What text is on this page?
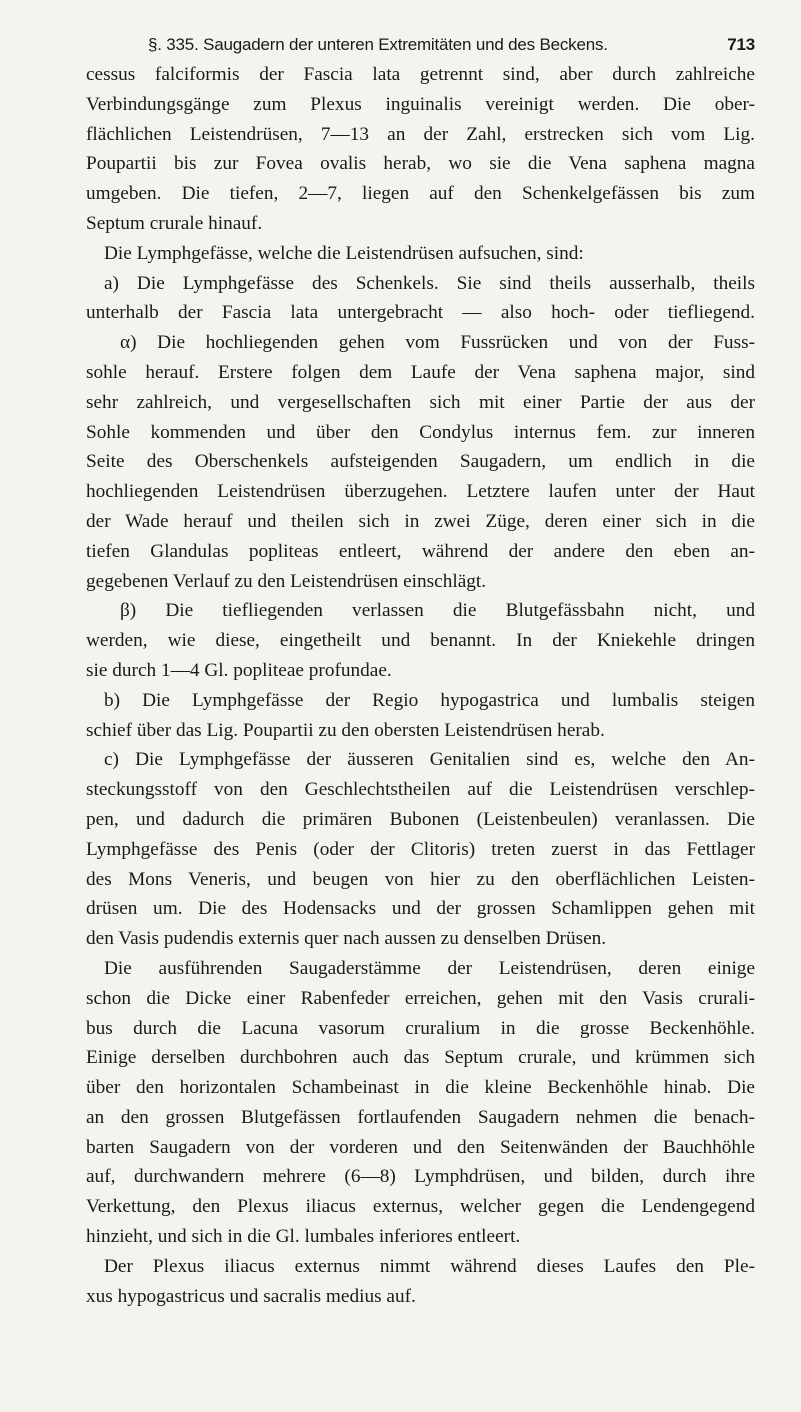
§. 335. Saugadern der unteren Extremitäten und des Beckens.	713
cessus falciformis der Fascia lata getrennt sind, aber durch zahlreiche
Verbindungsgänge zum Plexus inguinalis vereinigt werden. Die ober-
flächlichen Leistendrüsen, 7—13 an der Zahl, erstrecken sich vom Lig.
Poupartii bis zur Fovea ovalis herab, wo sie die Vena saphena magna
umgeben. Die tiefen, 2—7, liegen auf den Schenkelgefässen bis zum
Septum crurale hinauf.
Die Lymphgefässe, welche die Leistendrüsen aufsuchen, sind:
a) Die Lymphgefässe des Schenkels. Sie sind theils ausserhalb, theils
unterhalb der Fascia lata untergebracht — also hoch- oder tiefliegend.
α) Die hochliegenden gehen vom Fussrücken und von der Fuss-
sohle herauf. Erstere folgen dem Laufe der Vena saphena major, sind
sehr zahlreich, und vergesellschaften sich mit einer Partie der aus der
Sohle kommenden und über den Condylus internus fem. zur inneren
Seite des Oberschenkels aufsteigenden Saugadern, um endlich in die
hochliegenden Leistendrüsen überzugehen. Letztere laufen unter der Haut
der Wade herauf und theilen sich in zwei Züge, deren einer sich in die
tiefen Glandulas popliteas entleert, während der andere den eben an-
gegebenen Verlauf zu den Leistendrüsen einschlägt.
β) Die tiefliegenden verlassen die Blutgefässbahn nicht, und
werden, wie diese, eingetheilt und benannt. In der Kniekehle dringen
sie durch 1—4 Gl. popliteae profundae.
b) Die Lymphgefässe der Regio hypogastrica und lumbalis steigen
schief über das Lig. Poupartii zu den obersten Leistendrüsen herab.
c) Die Lymphgefässe der äusseren Genitalien sind es, welche den An-
steckungsstoff von den Geschlechtstheilen auf die Leistendrüsen verschlep-
pen, und dadurch die primären Bubonen (Leistenbeulen) veranlassen. Die
Lymphgefässe des Penis (oder der Clitoris) treten zuerst in das Fettlager
des Mons Veneris, und beugen von hier zu den oberflächlichen Leisten-
drüsen um. Die des Hodensacks und der grossen Schamlippen gehen mit
den Vasis pudendis externis quer nach aussen zu denselben Drüsen.
Die ausführenden Saugaderstämme der Leistendrüsen, deren einige
schon die Dicke einer Rabenfeder erreichen, gehen mit den Vasis crurali-
bus durch die Lacuna vasorum cruralium in die grosse Beckenhöhle.
Einige derselben durchbohren auch das Septum crurale, und krümmen sich
über den horizontalen Schambeinast in die kleine Beckenhöhle hinab. Die
an den grossen Blutgefässen fortlaufenden Saugadern nehmen die benach-
barten Saugadern von der vorderen und den Seitenwänden der Bauchhöhle
auf, durchwandern mehrere (6—8) Lymphdrüsen, und bilden, durch ihre
Verkettung, den Plexus iliacus externus, welcher gegen die Lendengegend
hinzieht, und sich in die Gl. lumbales inferiores entleert.
Der Plexus iliacus externus nimmt während dieses Laufes den Ple-
xus hypogastricus und sacralis medius auf.
